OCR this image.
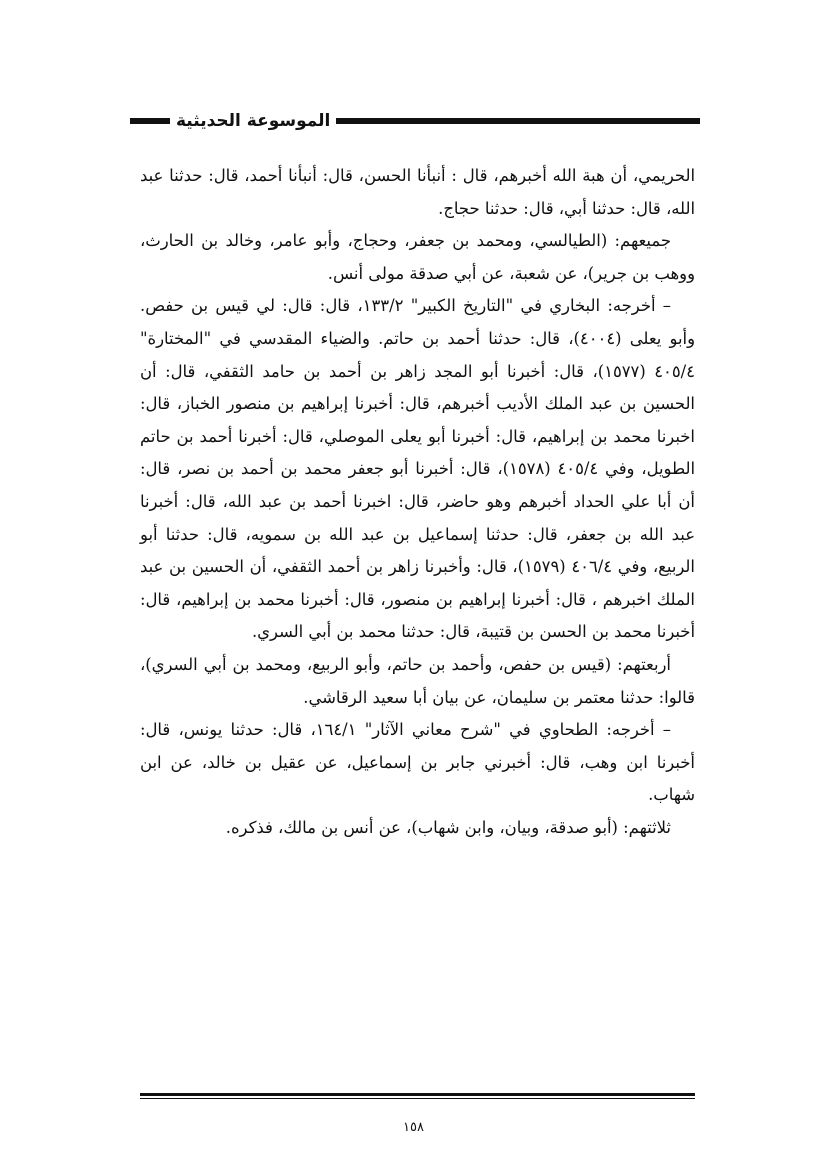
الموسوعة الحديثية

الحريمي، أن هبة الله أخبرهم، قال : أنبأنا الحسن، قال: أنبأنا أحمد، قال: حدثنا عبد الله، قال: حدثنا أبي، قال: حدثنا حجاج.

جميعهم: (الطيالسي، ومحمد بن جعفر، وحجاج، وأبو عامر، وخالد بن الحارث، ووهب بن جرير)، عن شعبة، عن أبي صدقة مولى أنس.

– أخرجه: البخاري في "التاريخ الكبير" ١٣٣/٢، قال: قال: لي قيس بن حفص. وأبو يعلى (٤٠٠٤)، قال: حدثنا أحمد بن حاتم. والضياء المقدسي في "المختارة" ٤٠٥/٤ (١٥٧٧)، قال: أخبرنا أبو المجد زاهر بن أحمد بن حامد الثقفي، قال: أن الحسين بن عبد الملك الأديب أخبرهم، قال: أخبرنا إبراهيم بن منصور الخباز، قال: اخبرنا محمد بن إبراهيم، قال: أخبرنا أبو يعلى الموصلي، قال: أخبرنا أحمد بن حاتم الطويل، وفي ٤٠٥/٤ (١٥٧٨)، قال: أخبرنا أبو جعفر محمد بن أحمد بن نصر، قال: أن أبا علي الحداد أخبرهم وهو حاضر، قال: اخبرنا أحمد بن عبد الله، قال: أخبرنا عبد الله بن جعفر، قال: حدثنا إسماعيل بن عبد الله بن سمويه، قال: حدثنا أبو الربيع، وفي ٤٠٦/٤ (١٥٧٩)، قال: وأخبرنا زاهر بن أحمد الثقفي، أن الحسين بن عبد الملك اخبرهم ، قال: أخبرنا إبراهيم بن منصور، قال: أخبرنا محمد بن إبراهيم، قال: أخبرنا محمد بن الحسن بن قتيبة، قال: حدثنا محمد بن أبي السري.

أربعتهم: (قيس بن حفص، وأحمد بن حاتم، وأبو الربيع، ومحمد بن أبي السري)، قالوا: حدثنا معتمر بن سليمان، عن بيان أبا سعيد الرقاشي.

– أخرجه: الطحاوي في "شرح معاني الآثار" ١٦٤/١، قال: حدثنا يونس، قال: أخبرنا ابن وهب، قال: أخبرني جابر بن إسماعيل، عن عقيل بن خالد، عن ابن شهاب.

ثلاثتهم: (أبو صدقة، وبيان، وابن شهاب)، عن أنس بن مالك، فذكره.

١٥٨
